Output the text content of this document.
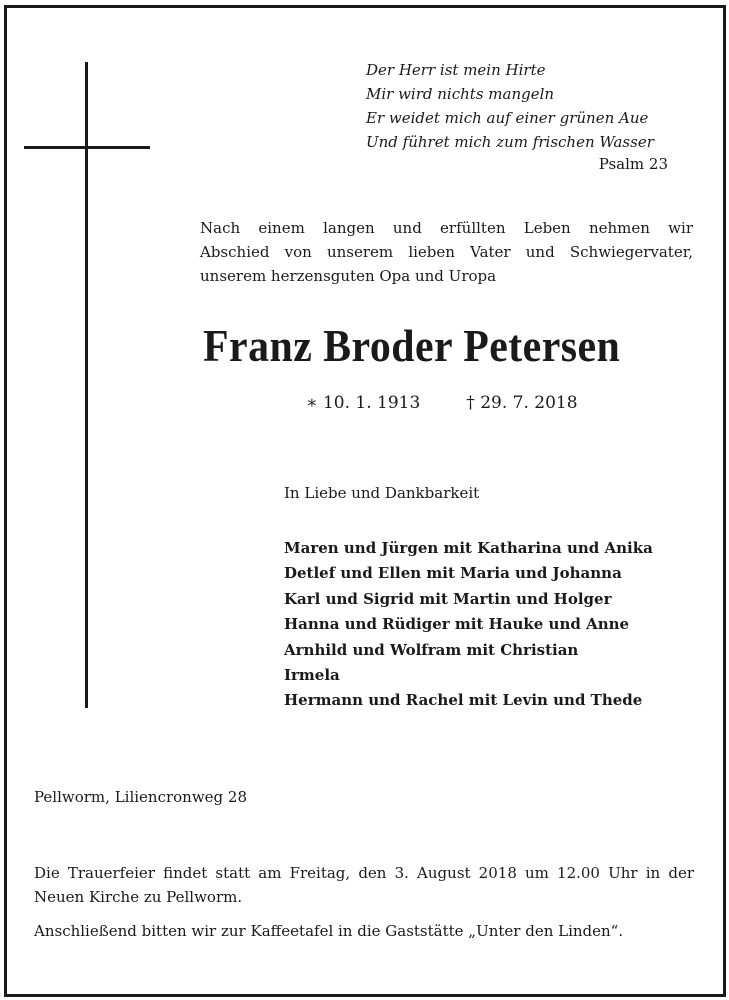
Der Herr ist mein Hirte
Mir wird nichts mangeln
Er weidet mich auf einer grünen Aue
Und führet mich zum frischen Wasser
Psalm 23
Nach einem langen und erfüllten Leben nehmen wir
Abschied von unserem lieben Vater und Schwiegervater,
unserem herzensguten Opa und Uropa
Franz Broder Petersen
∗ 10. 1. 1913	† 29. 7. 2018
In Liebe und Dankbarkeit
Maren und Jürgen mit Katharina und Anika
Detlef und Ellen mit Maria und Johanna
Karl und Sigrid mit Martin und Holger
Hanna und Rüdiger mit Hauke und Anne
Arnhild und Wolfram mit Christian
Irmela
Hermann und Rachel mit Levin und Thede
Pellworm, Liliencronweg 28
Die Trauerfeier findet statt am Freitag, den 3. August 2018 um 12.00 Uhr in der
Neuen Kirche zu Pellworm.
Anschließend bitten wir zur Kaffeetafel in die Gaststätte „Unter den Linden“.
